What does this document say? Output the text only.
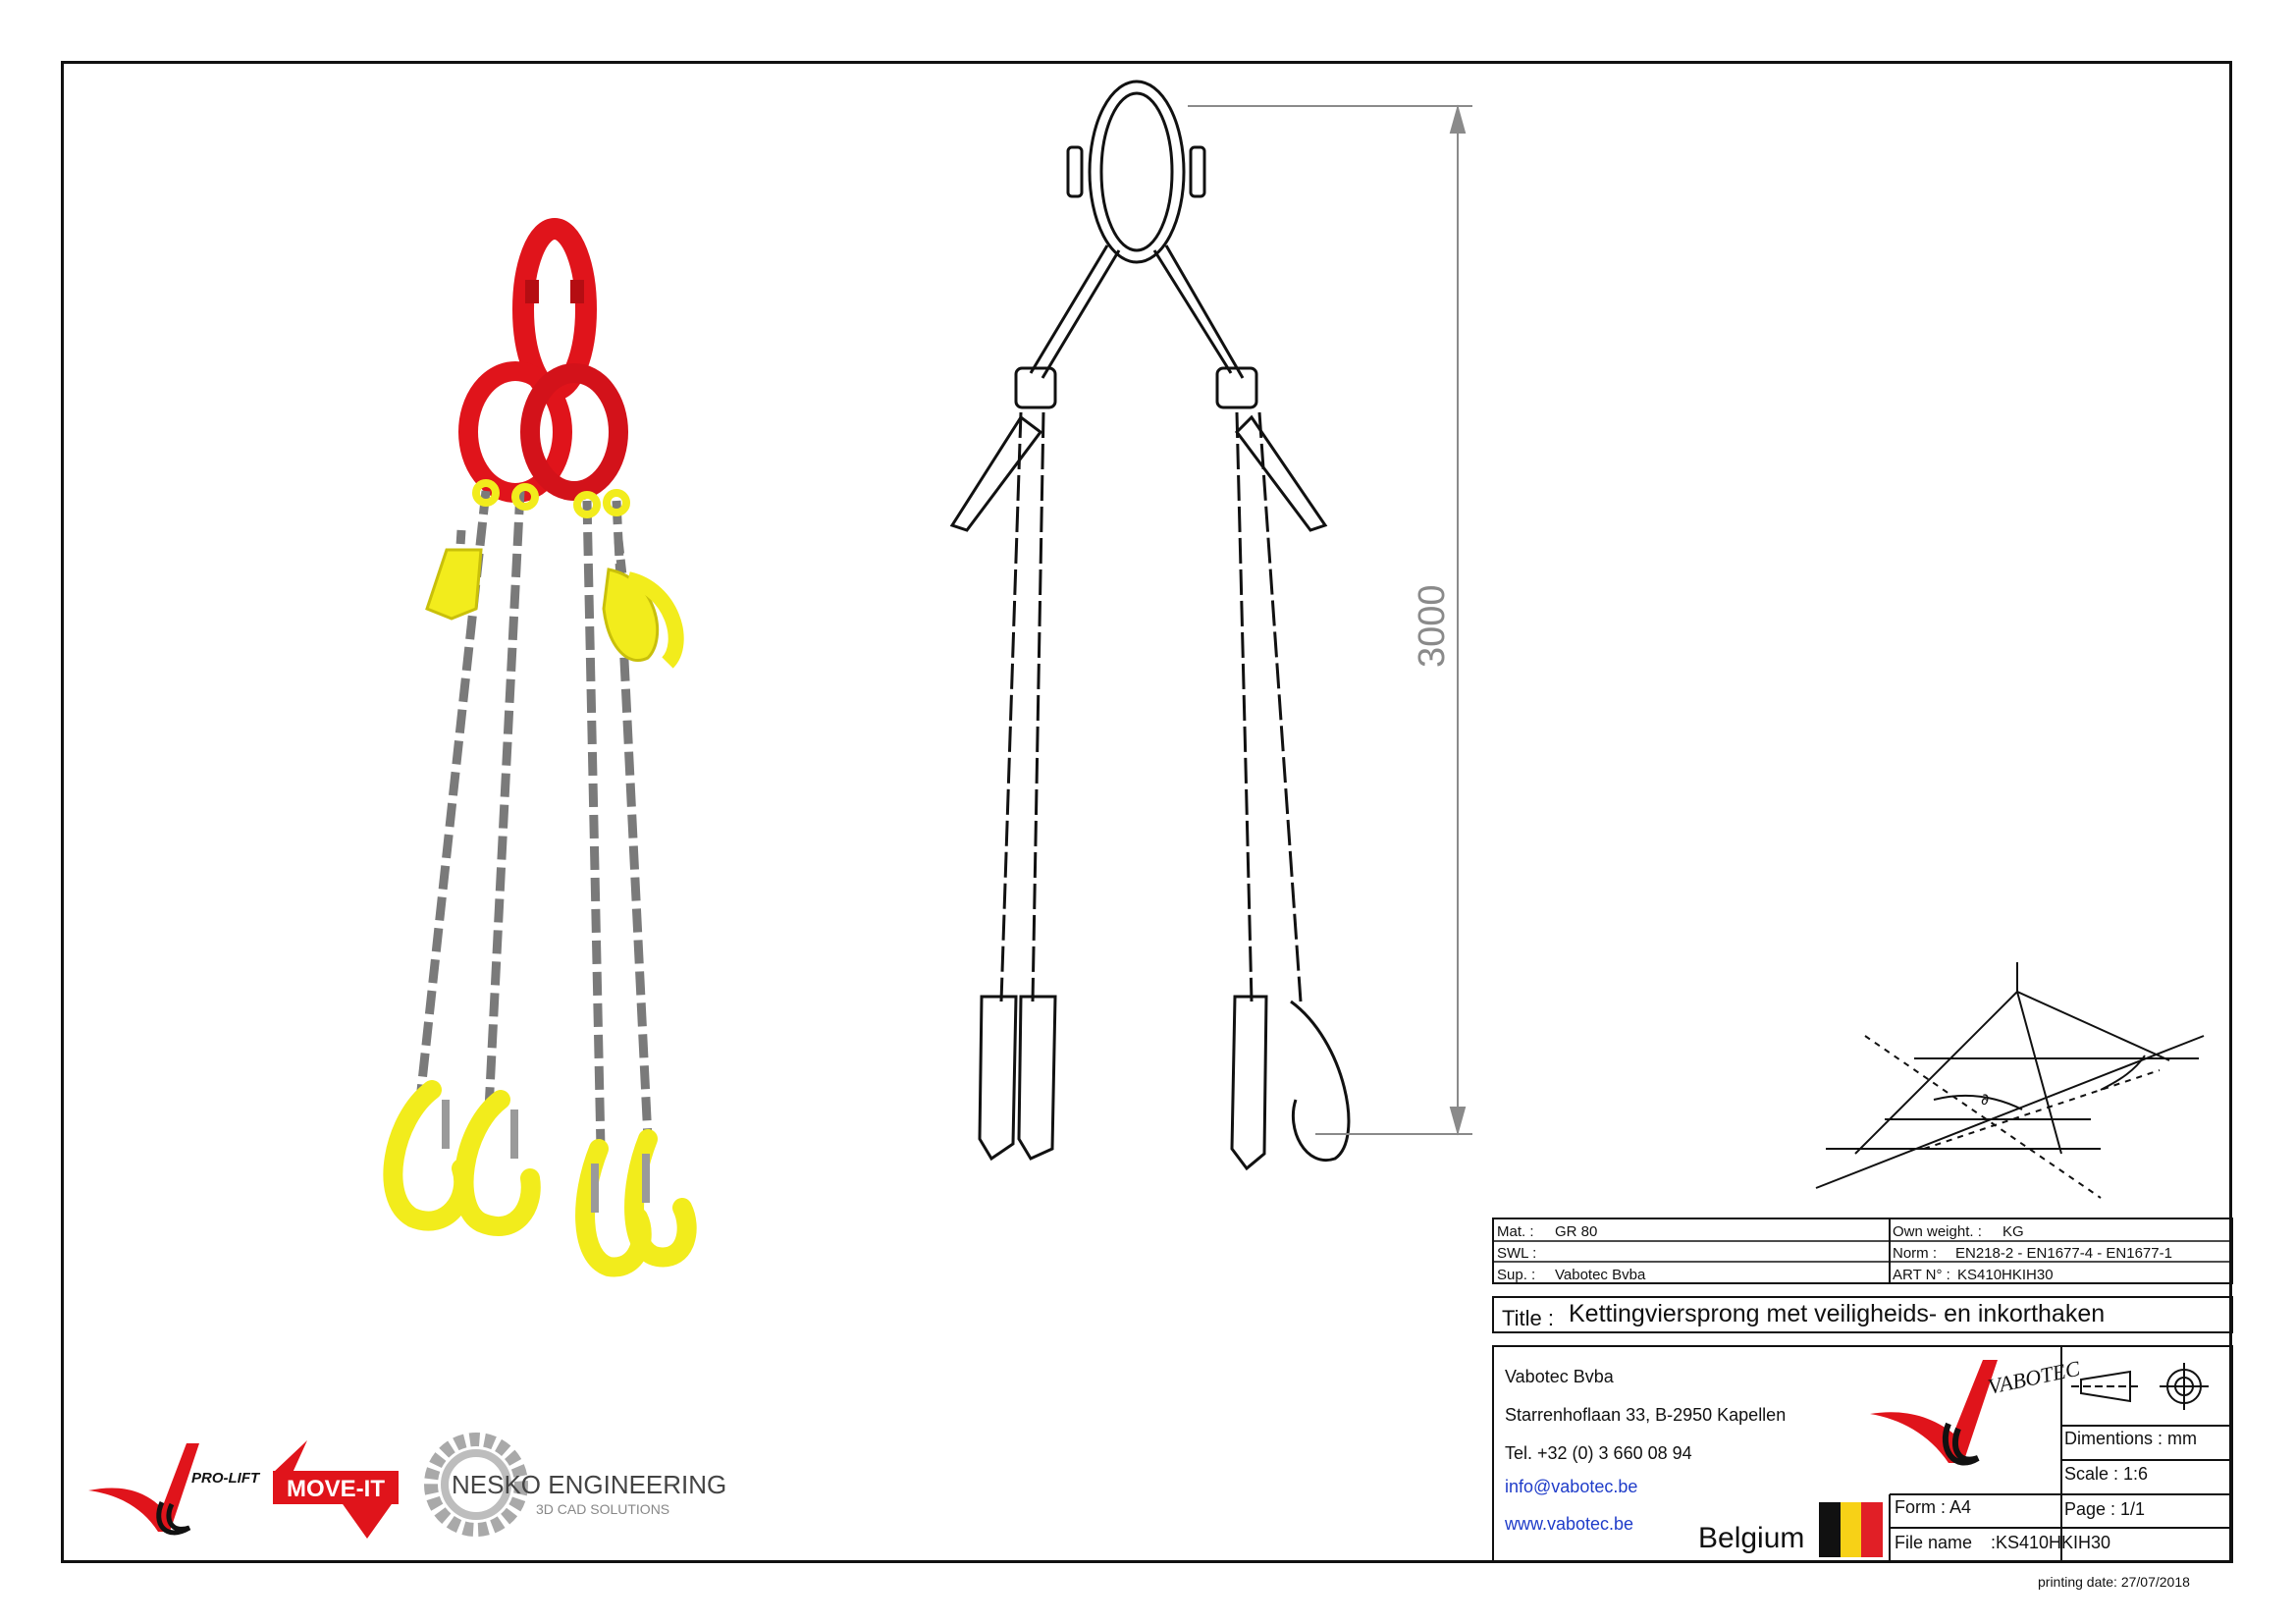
3000
∂
Mat. : GR 80
SWL :
Sup. : Vabotec Bvba
Own weight. : KG
Norm : EN218-2 - EN1677-4 - EN1677-1
ART N° : KS410HKIH30
Title : Kettingviersprong met veiligheids- en inkorthaken
Vabotec Bvba
Starrenhoflaan 33, B-2950 Kapellen
Tel. +32 (0) 3 660 08 94
info@vabotec.be
www.vabotec.be Belgium
VABOTEC
Dimentions : mm
Scale : 1:6
Page : 1/1
Form : A4
File name :KS410HKIH30
printing date: 27/07/2018
PRO-LIFT MOVE-IT	NESKO ENGINEERING
3D CAD SOLUTIONS
